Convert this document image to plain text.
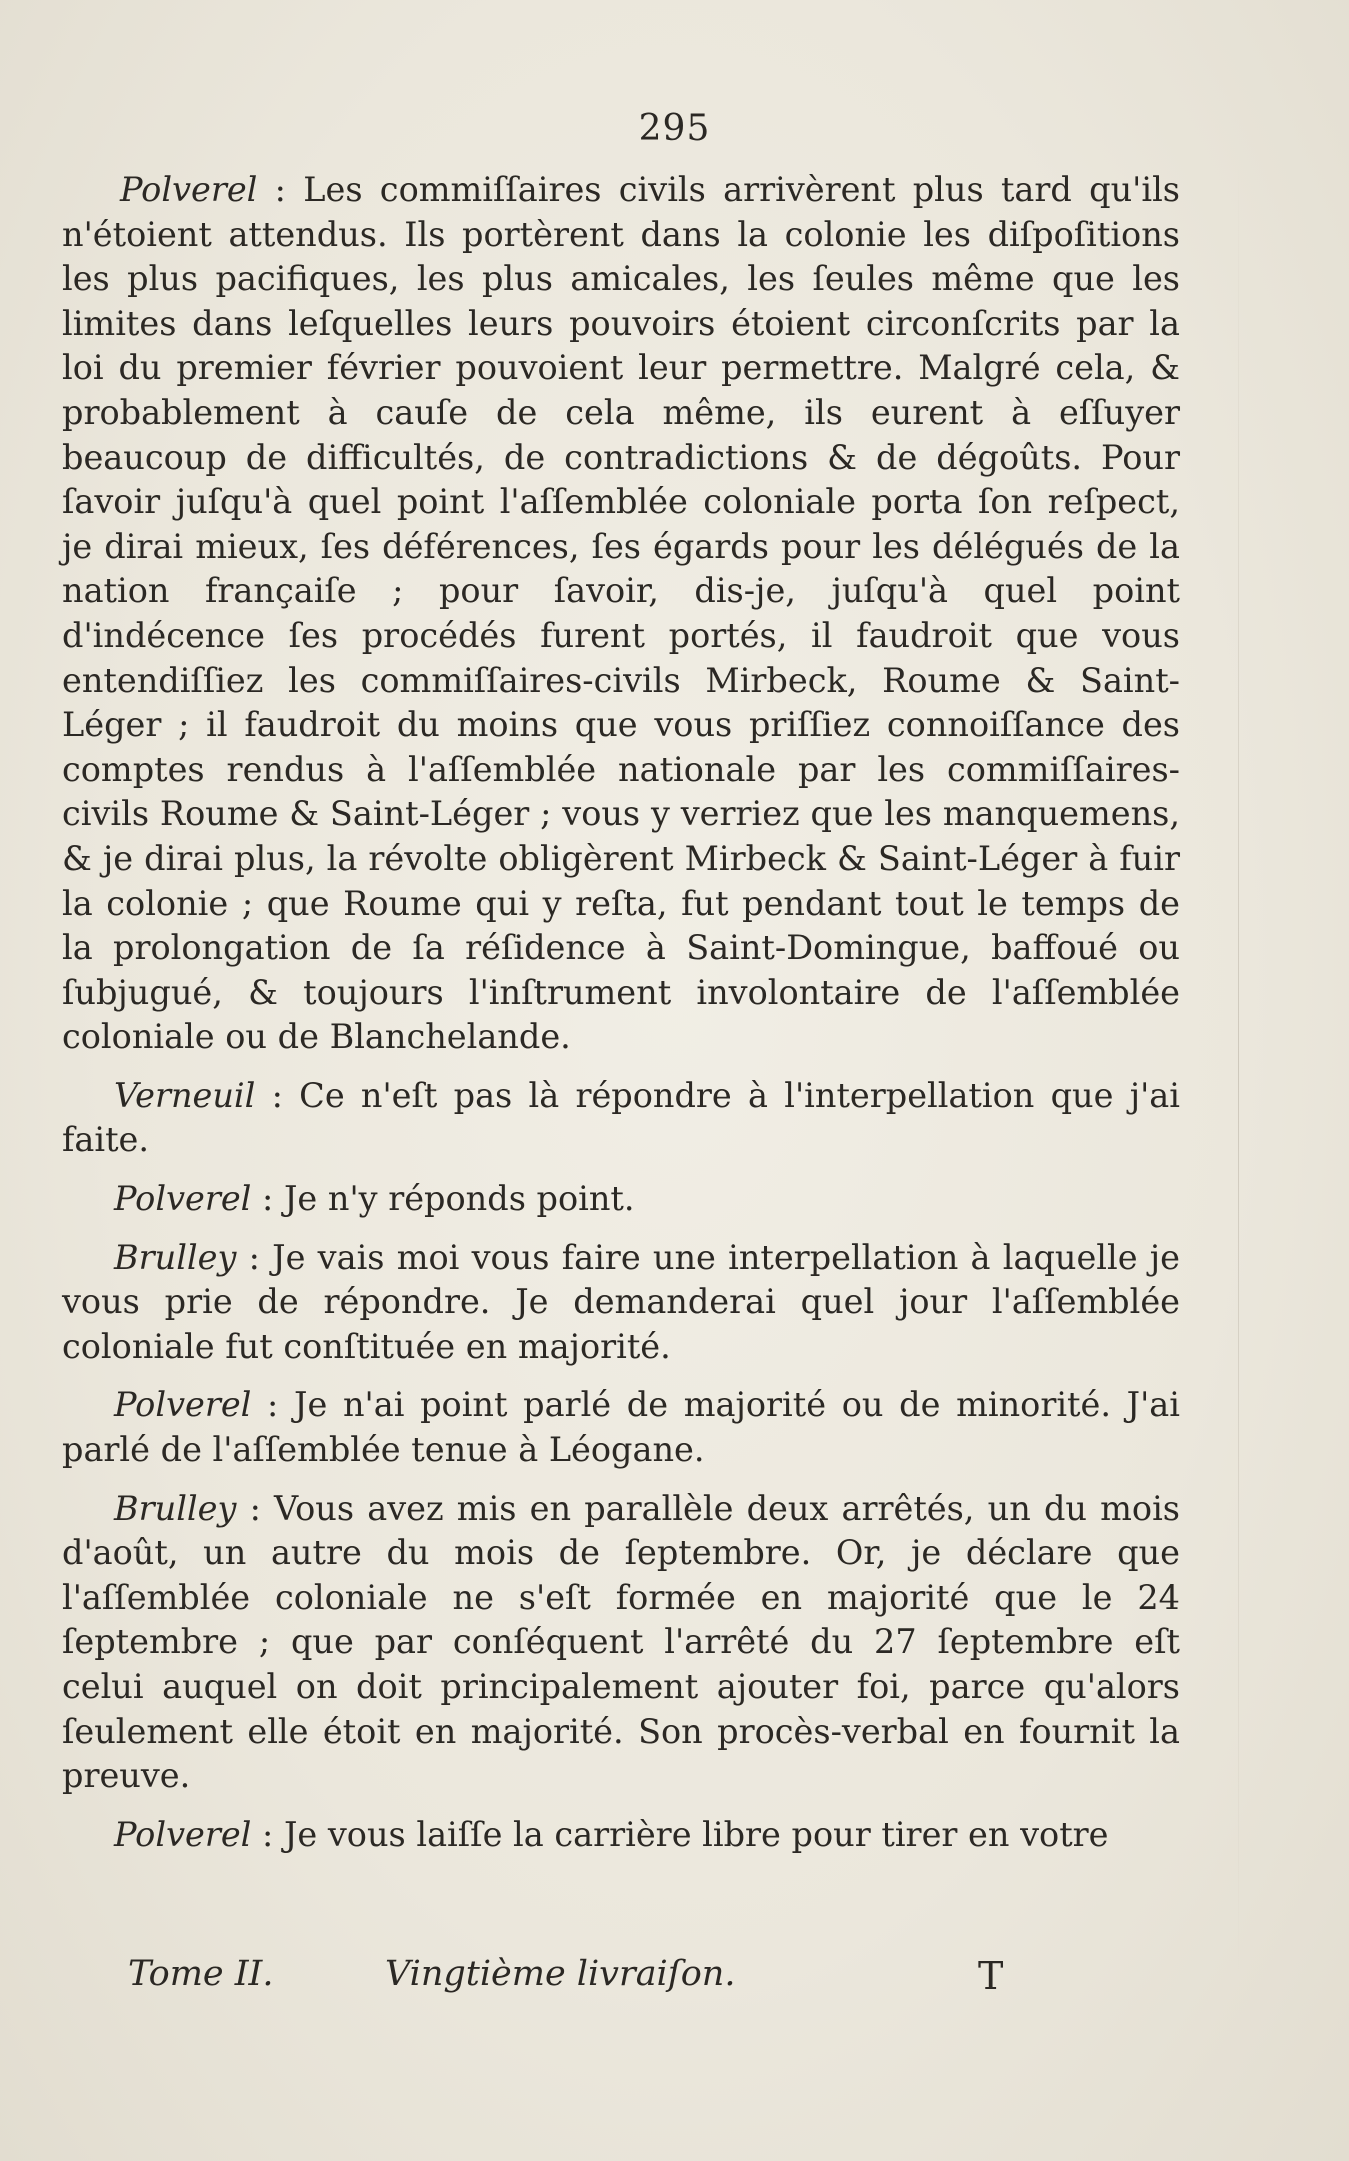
295

Polverel : Les commiſſaires civils arrivèrent plus tard qu'ils n'étoient attendus. Ils portèrent dans la colonie les diſpoſitions les plus pacifiques, les plus amicales, les ſeules même que les limites dans leſquelles leurs pouvoirs étoient circonſcrits par la loi du premier février pouvoient leur permettre. Malgré cela, & probablement à cauſe de cela même, ils eurent à eſſuyer beaucoup de difficultés, de contradictions & de dégoûts. Pour ſavoir juſqu'à quel point l'aſſemblée coloniale porta ſon reſpect, je dirai mieux, ſes déférences, ſes égards pour les délégués de la nation françaiſe ; pour ſavoir, dis-je, juſqu'à quel point d'indécence ſes procédés furent portés, il faudroit que vous entendiſſiez les commiſſaires-civils Mirbeck, Roume & Saint-Léger ; il faudroit du moins que vous priſſiez connoiſſance des comptes rendus à l'aſſemblée nationale par les commiſſaires-civils Roume & Saint-Léger ; vous y verriez que les manquemens, & je dirai plus, la révolte obligèrent Mirbeck & Saint-Léger à fuir la colonie ; que Roume qui y reſta, fut pendant tout le temps de la prolongation de ſa réſidence à Saint-Domingue, baffoué ou ſubjugué, & toujours l'inſtrument involontaire de l'aſſemblée coloniale ou de Blanchelande.

Verneuil : Ce n'eſt pas là répondre à l'interpellation que j'ai faite.

Polverel : Je n'y réponds point.

Brulley : Je vais moi vous faire une interpellation à laquelle je vous prie de répondre. Je demanderai quel jour l'aſſemblée coloniale fut conſtituée en majorité.

Polverel : Je n'ai point parlé de majorité ou de minorité. J'ai parlé de l'aſſemblée tenue à Léogane.

Brulley : Vous avez mis en parallèle deux arrêtés, un du mois d'août, un autre du mois de ſeptembre. Or, je déclare que l'aſſemblée coloniale ne s'eſt formée en majorité que le 24 ſeptembre ; que par conſéquent l'arrêté du 27 ſeptembre eſt celui auquel on doit principalement ajouter foi, parce qu'alors ſeulement elle étoit en majorité. Son procès-verbal en fournit la preuve.

Polverel : Je vous laiſſe la carrière libre pour tirer en votre

Tome II.	Vingtième livraiſon.	T
